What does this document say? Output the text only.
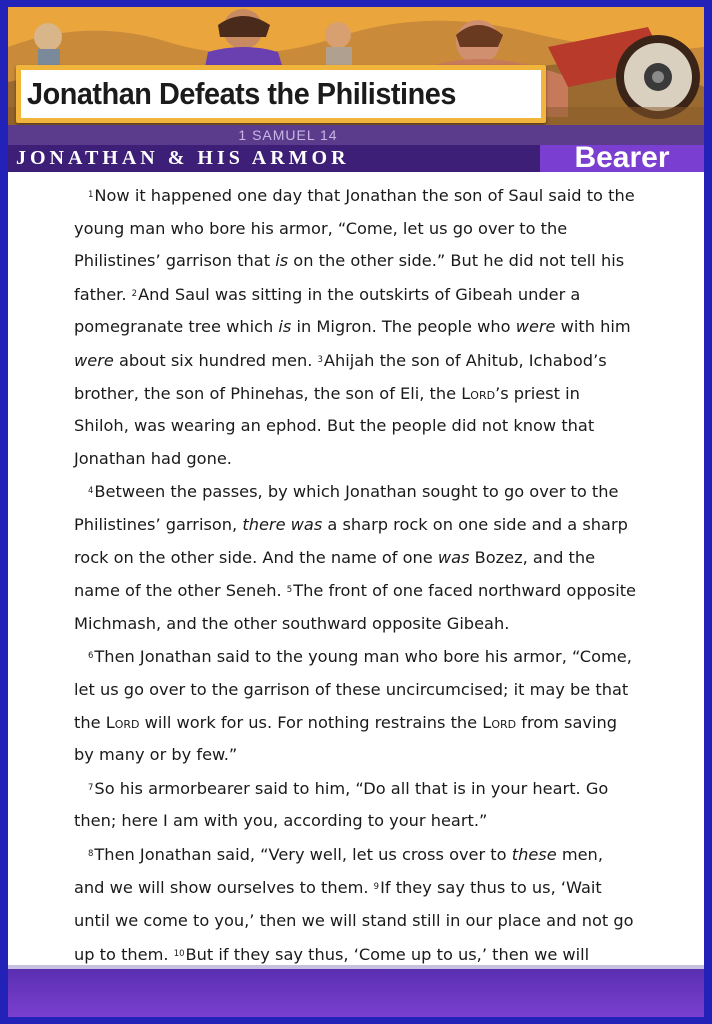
Jonathan Defeats the Philistines
1 SAMUEL 14
JONATHAN & HIS ARMOR	Bearer

$^1$Now it happened one day that Jonathan the son of Saul said to the young man who bore his armor, “Come, let us go over to the Philistines’ garrison that is on the other side.” But he did not tell his father. $^2$And Saul was sitting in the outskirts of Gibeah under a pomegranate tree which is in Migron. The people who were with him were about six hundred men. $^3$Ahijah the son of Ahitub, Ichabod’s brother, the son of Phinehas, the son of Eli, the Lord’s priest in Shiloh, was wearing an ephod. But the people did not know that Jonathan had gone.

$^4$Between the passes, by which Jonathan sought to go over to the Philistines’ garrison, there was a sharp rock on one side and a sharp rock on the other side. And the name of one was Bozez, and the name of the other Seneh. $^5$The front of one faced northward opposite Michmash, and the other southward opposite Gibeah.

$^6$Then Jonathan said to the young man who bore his armor, “Come, let us go over to the garrison of these uncircumcised; it may be that the Lord will work for us. For nothing restrains the Lord from saving by many or by few.”

$^7$So his armorbearer said to him, “Do all that is in your heart. Go then; here I am with you, according to your heart.”

$^8$Then Jonathan said, “Very well, let us cross over to these men, and we will show ourselves to them. $^9$If they say thus to us, ‘Wait until we come to you,’ then we will stand still in our place and not go up to them. $^{10}$But if they say thus, ‘Come up to us,’ then we will
